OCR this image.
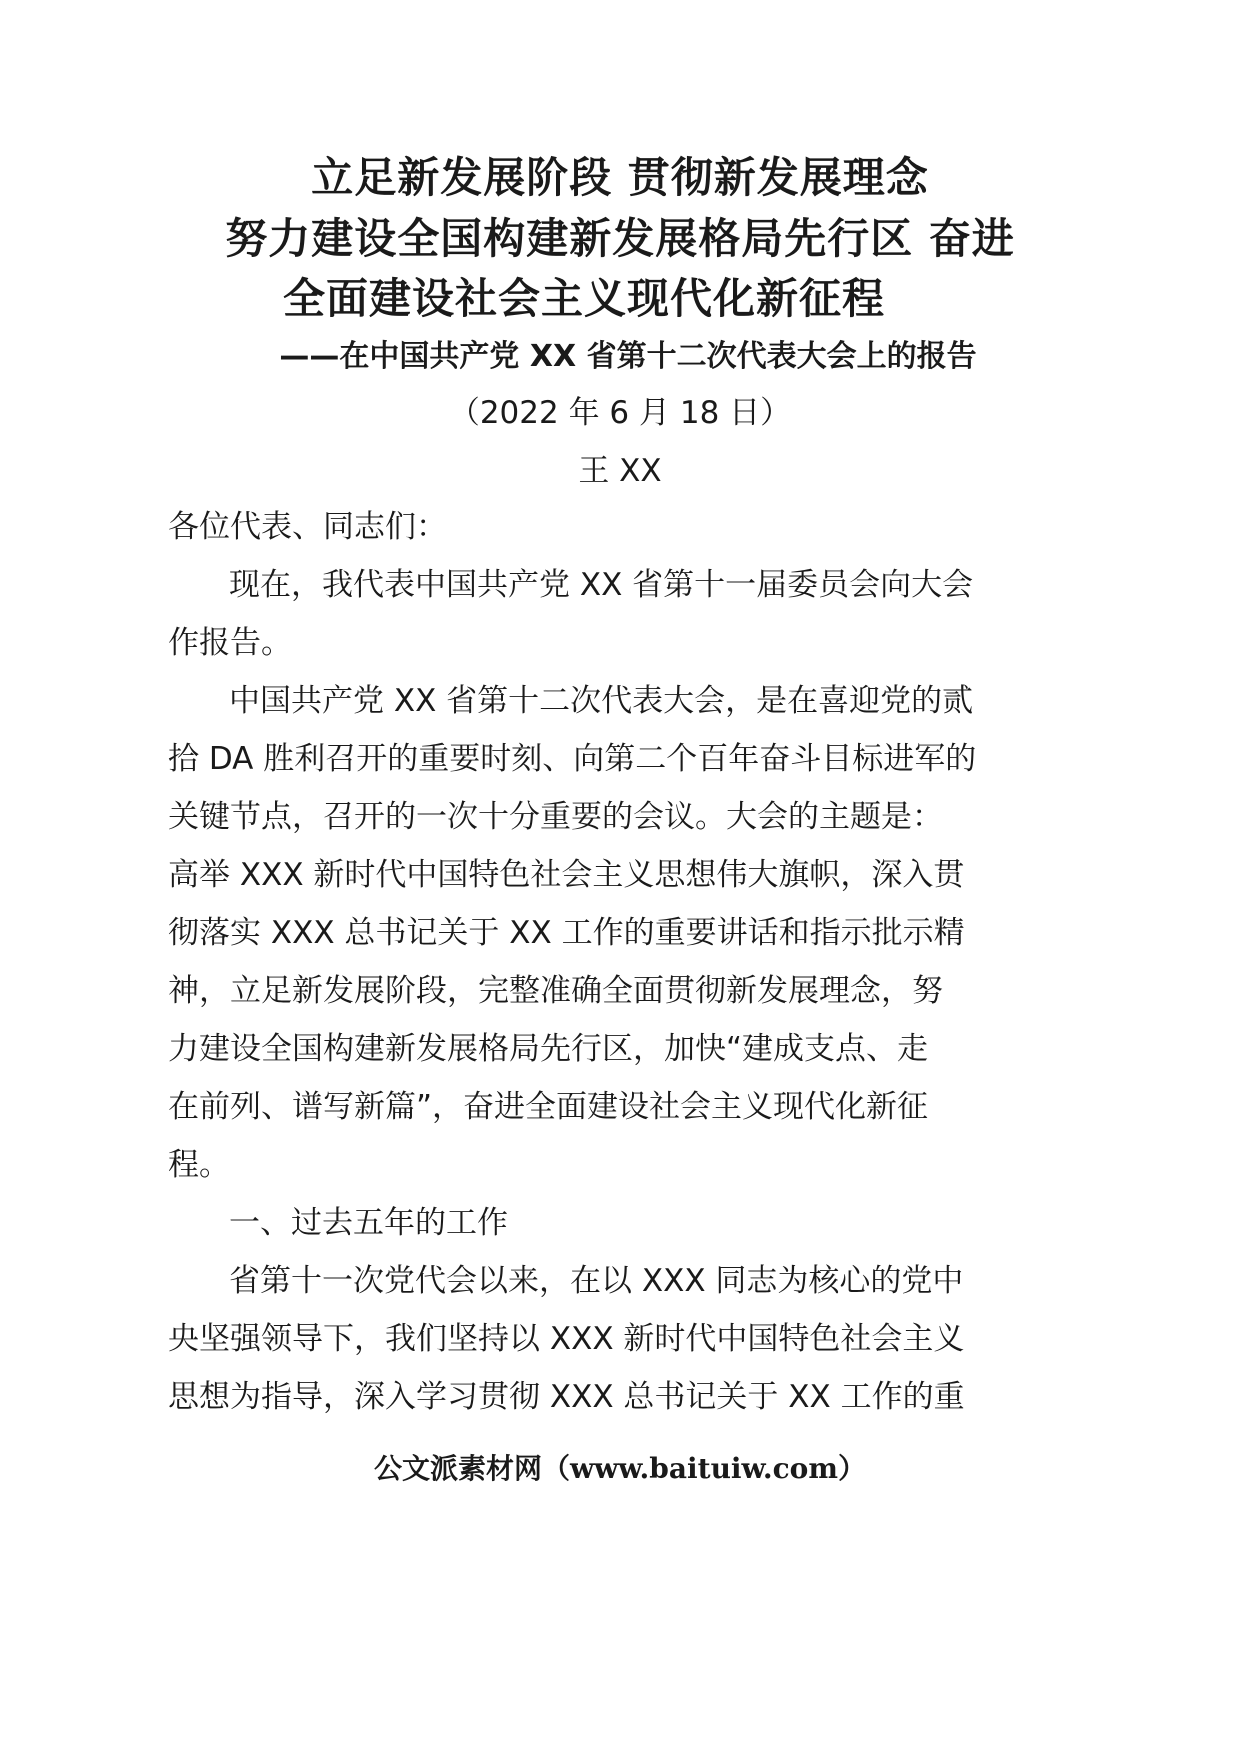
立足新发展阶段 贯彻新发展理念
努力建设全国构建新发展格局先行区 奋进
全面建设社会主义现代化新征程
——在中国共产党 XX 省第十二次代表大会上的报告
（2022 年 6 月 18 日）
王 XX
各位代表、同志们：
现在，我代表中国共产党 XX 省第十一届委员会向大会
作报告。
中国共产党 XX 省第十二次代表大会，是在喜迎党的贰
拾 DA 胜利召开的重要时刻、向第二个百年奋斗目标进军的
关键节点，召开的一次十分重要的会议。大会的主题是：
高举 XXX 新时代中国特色社会主义思想伟大旗帜，深入贯
彻落实 XXX 总书记关于 XX 工作的重要讲话和指示批示精
神，立足新发展阶段，完整准确全面贯彻新发展理念，努
力建设全国构建新发展格局先行区，加快“建成支点、走
在前列、谱写新篇”，奋进全面建设社会主义现代化新征
程。
一、过去五年的工作
省第十一次党代会以来，在以 XXX 同志为核心的党中
央坚强领导下，我们坚持以 XXX 新时代中国特色社会主义
思想为指导，深入学习贯彻 XXX 总书记关于 XX 工作的重
公文派素材网（www.baituiw.com）
